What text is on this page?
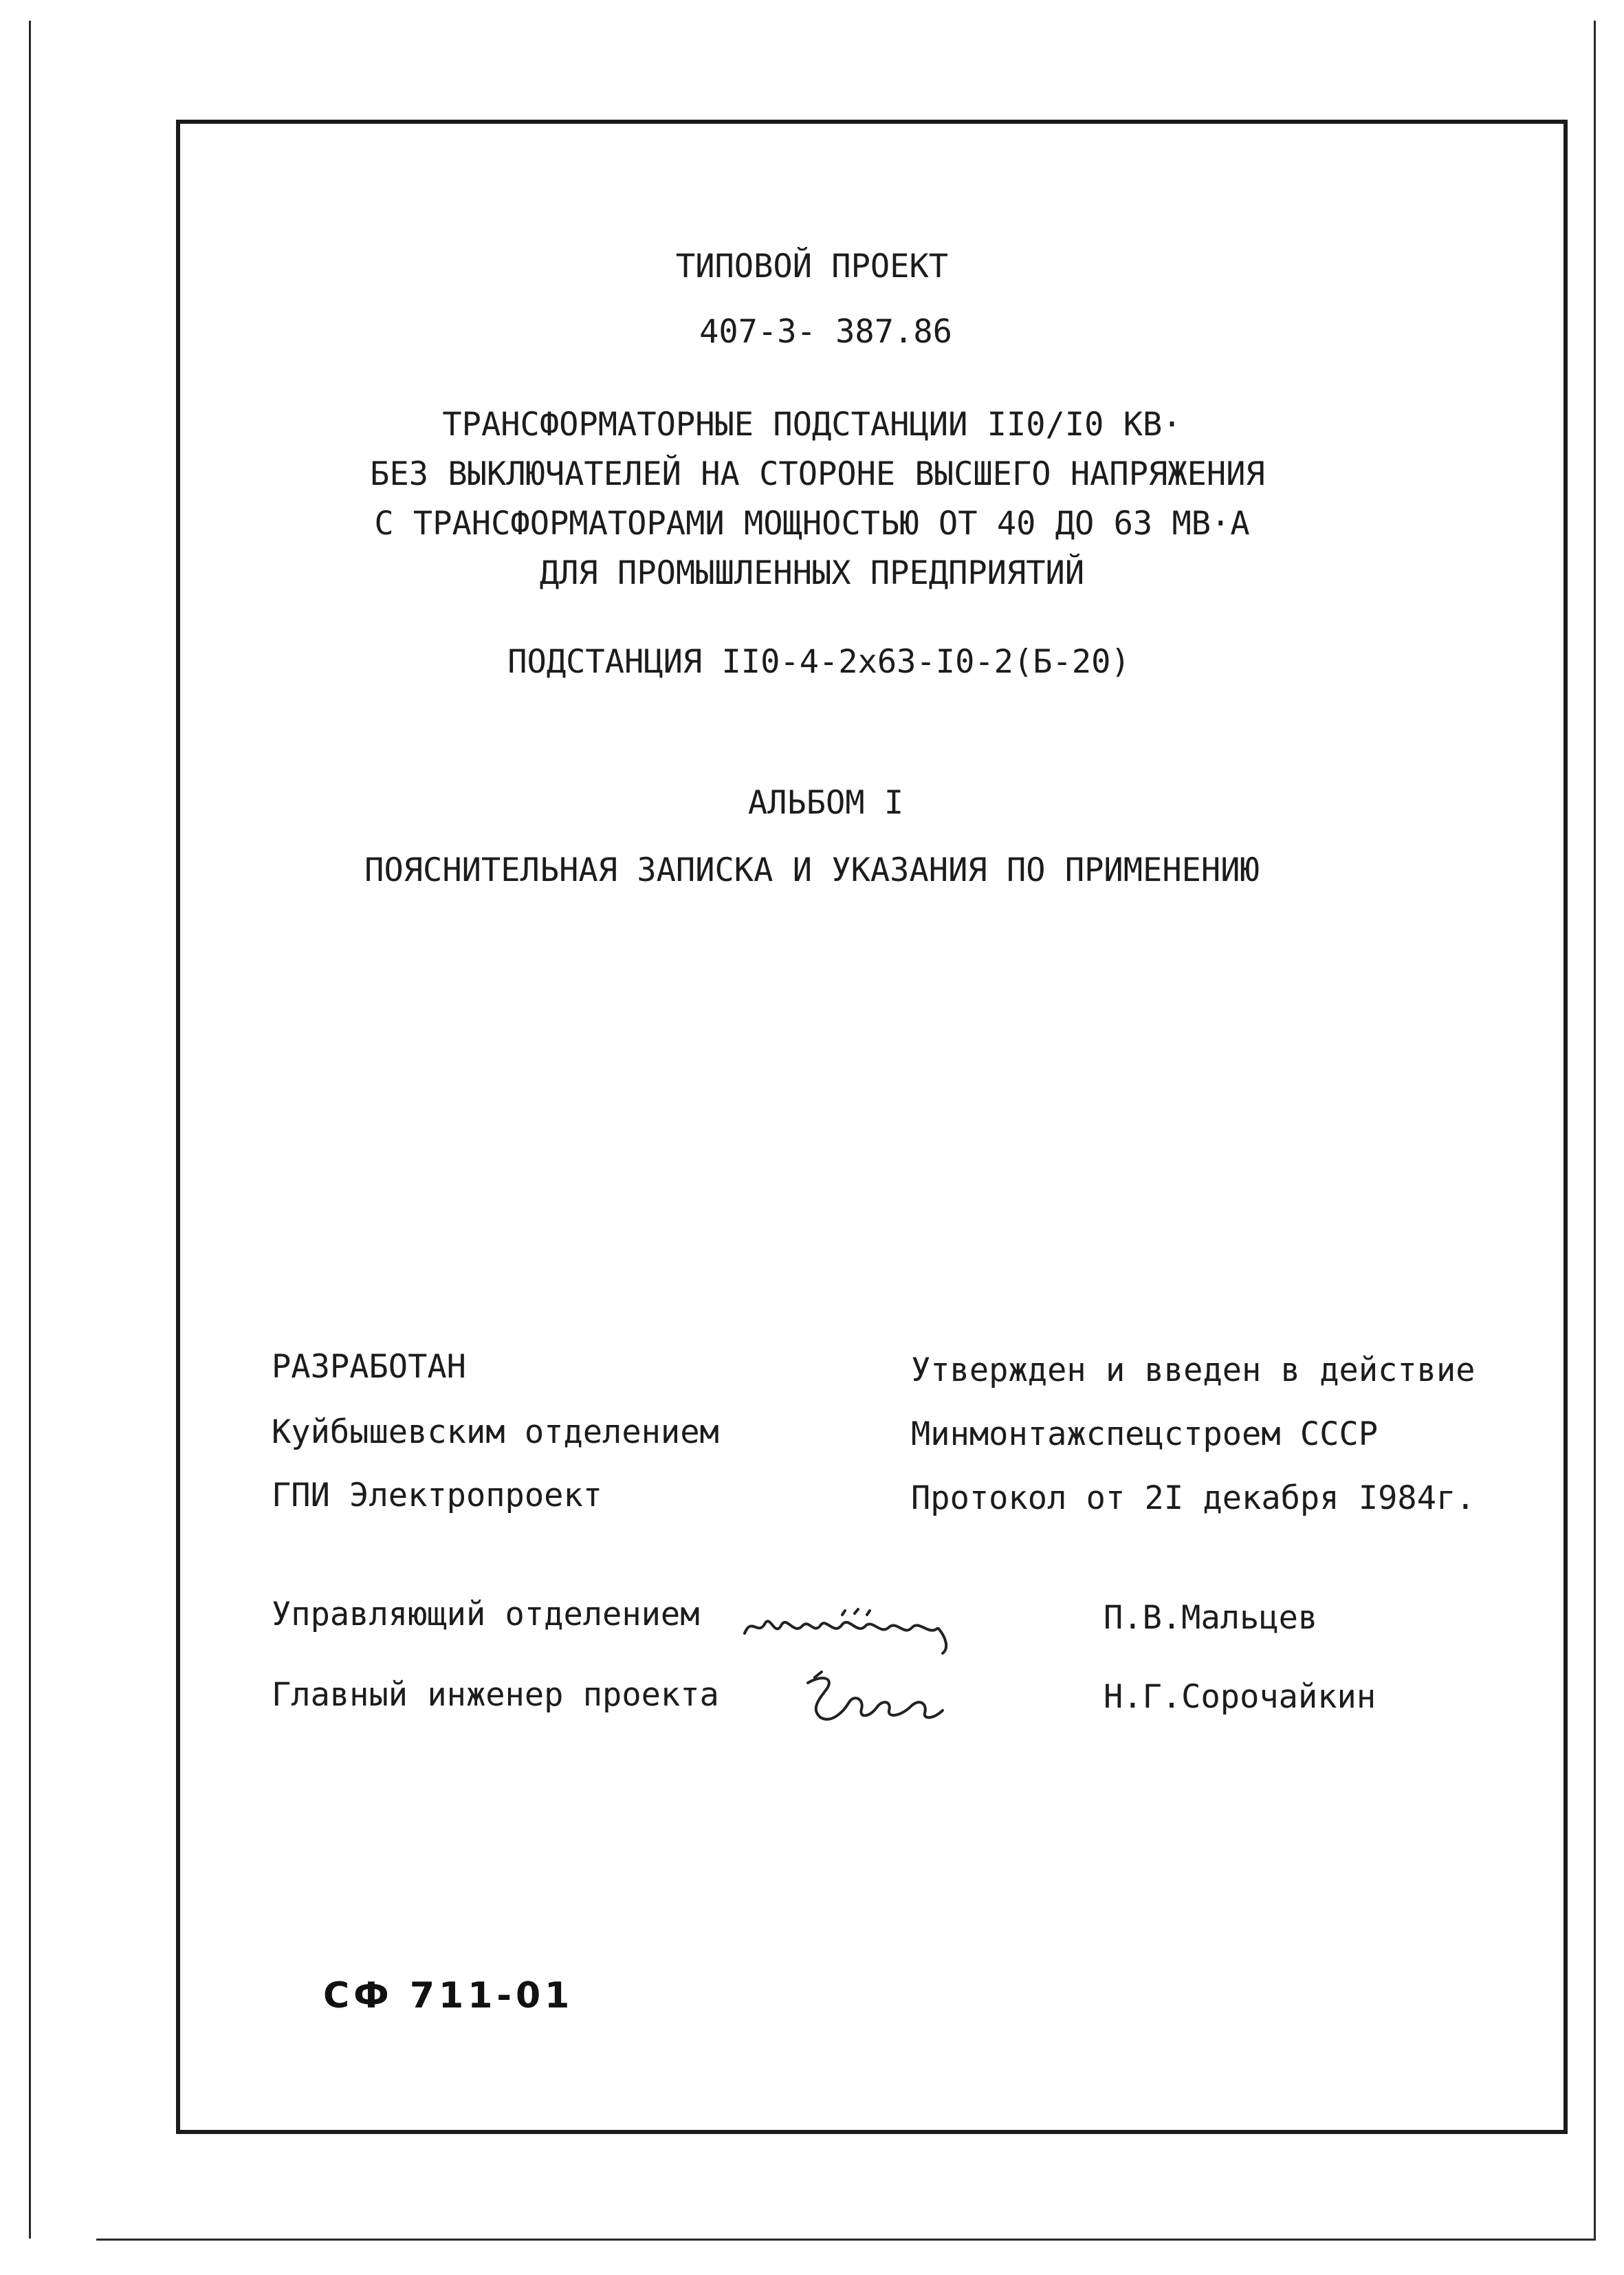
ТИПОВОЙ ПРОЕКТ
407-3- 387.86
ТРАНСФОРМАТОРНЫЕ ПОДСТАНЦИИ II0/I0 КВ·
БЕЗ ВЫКЛЮЧАТЕЛЕЙ НА СТОРОНЕ ВЫСШЕГО НАПРЯЖЕНИЯ
С ТРАНСФОРМАТОРАМИ МОЩНОСТЬЮ ОТ 40 ДО 63 МВ·А
ДЛЯ ПРОМЫШЛЕННЫХ ПРЕДПРИЯТИЙ
ПОДСТАНЦИЯ II0-4-2х63-I0-2(Б-20)
АЛЬБОМ I
ПОЯСНИТЕЛЬНАЯ ЗАПИСКА И УКАЗАНИЯ ПО ПРИМЕНЕНИЮ
РАЗРАБОТАН
Куйбышевским отделением
ГПИ Электропроект
Утвержден и введен в действие
Минмонтажспецстроем СССР
Протокол от 2I декабря I984г.
Управляющий отделением	П.В.Мальцев
Главный инженер проекта	Н.Г.Сорочайкин
СФ 711-01
